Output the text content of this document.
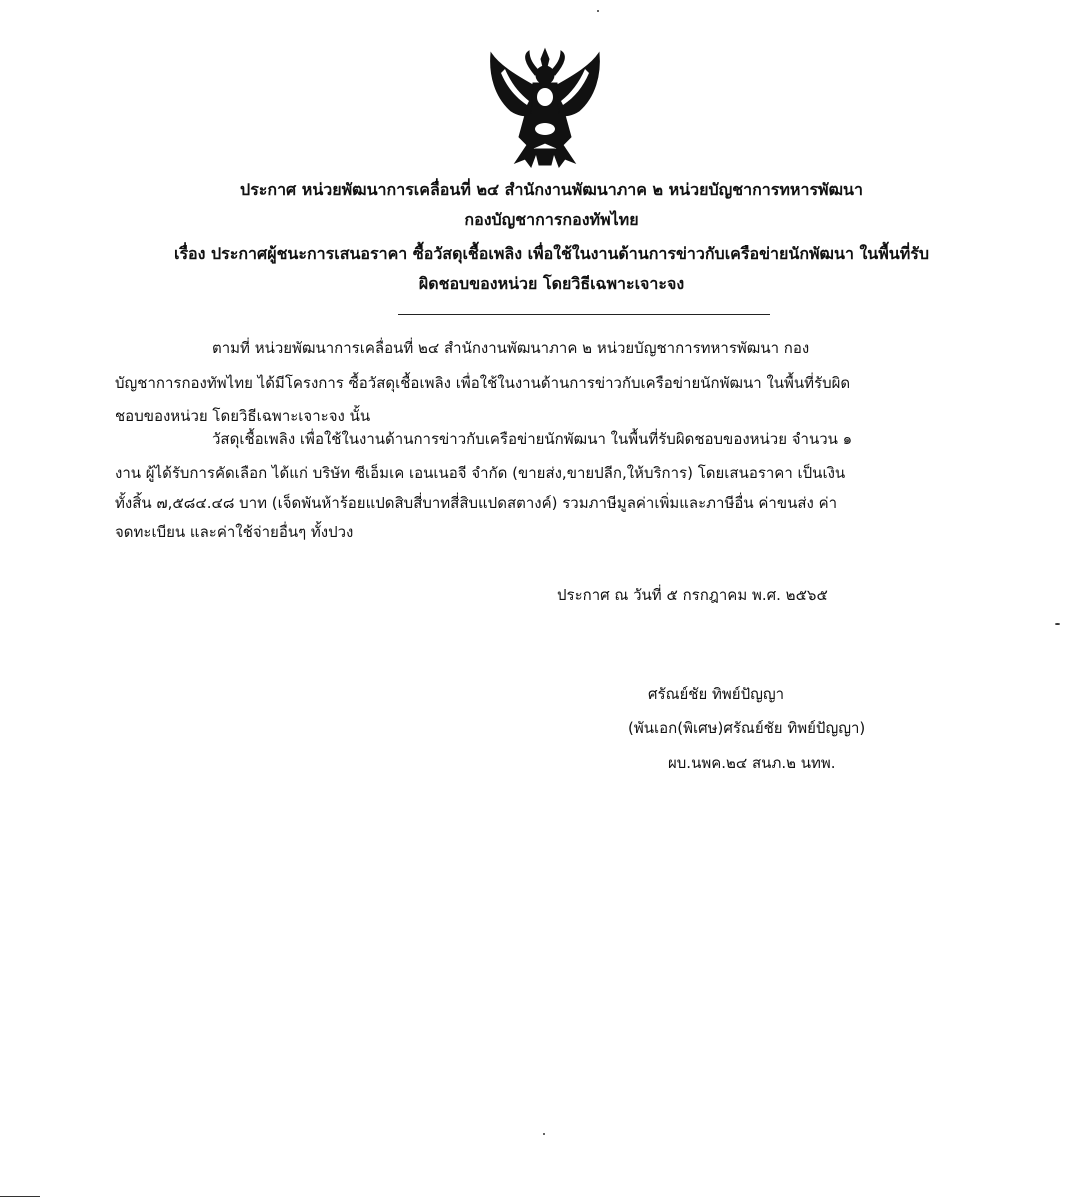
ประกาศ หน่วยพัฒนาการเคลื่อนที่ ๒๔ สำนักงานพัฒนาภาค ๒ หน่วยบัญชาการทหารพัฒนา
กองบัญชาการกองทัพไทย
เรื่อง ประกาศผู้ชนะการเสนอราคา ซื้อวัสดุเชื้อเพลิง เพื่อใช้ในงานด้านการข่าวกับเครือข่ายนักพัฒนา ในพื้นที่รับ
ผิดชอบของหน่วย โดยวิธีเฉพาะเจาะจง
ตามที่ หน่วยพัฒนาการเคลื่อนที่ ๒๔ สำนักงานพัฒนาภาค ๒ หน่วยบัญชาการทหารพัฒนา กอง
บัญชาการกองทัพไทย ได้มีโครงการ ซื้อวัสดุเชื้อเพลิง เพื่อใช้ในงานด้านการข่าวกับเครือข่ายนักพัฒนา ในพื้นที่รับผิด
ชอบของหน่วย โดยวิธีเฉพาะเจาะจง นั้น
วัสดุเชื้อเพลิง เพื่อใช้ในงานด้านการข่าวกับเครือข่ายนักพัฒนา ในพื้นที่รับผิดชอบของหน่วย จำนวน ๑
งาน ผู้ได้รับการคัดเลือก ได้แก่ บริษัท ซีเอ็มเค เอนเนอจี จำกัด (ขายส่ง,ขายปลีก,ให้บริการ) โดยเสนอราคา เป็นเงิน
ทั้งสิ้น ๗,๕๘๔.๔๘ บาท (เจ็ดพันห้าร้อยแปดสิบสี่บาทสี่สิบแปดสตางค์) รวมภาษีมูลค่าเพิ่มและภาษีอื่น ค่าขนส่ง ค่า
จดทะเบียน และค่าใช้จ่ายอื่นๆ ทั้งปวง
ประกาศ ณ วันที่ ๕ กรกฎาคม พ.ศ. ๒๕๖๕
ศรัณย์ชัย ทิพย์ปัญญา
(พันเอก(พิเศษ)ศรัณย์ชัย ทิพย์ปัญญา)
ผบ.นพค.๒๔ สนภ.๒ นทพ.
